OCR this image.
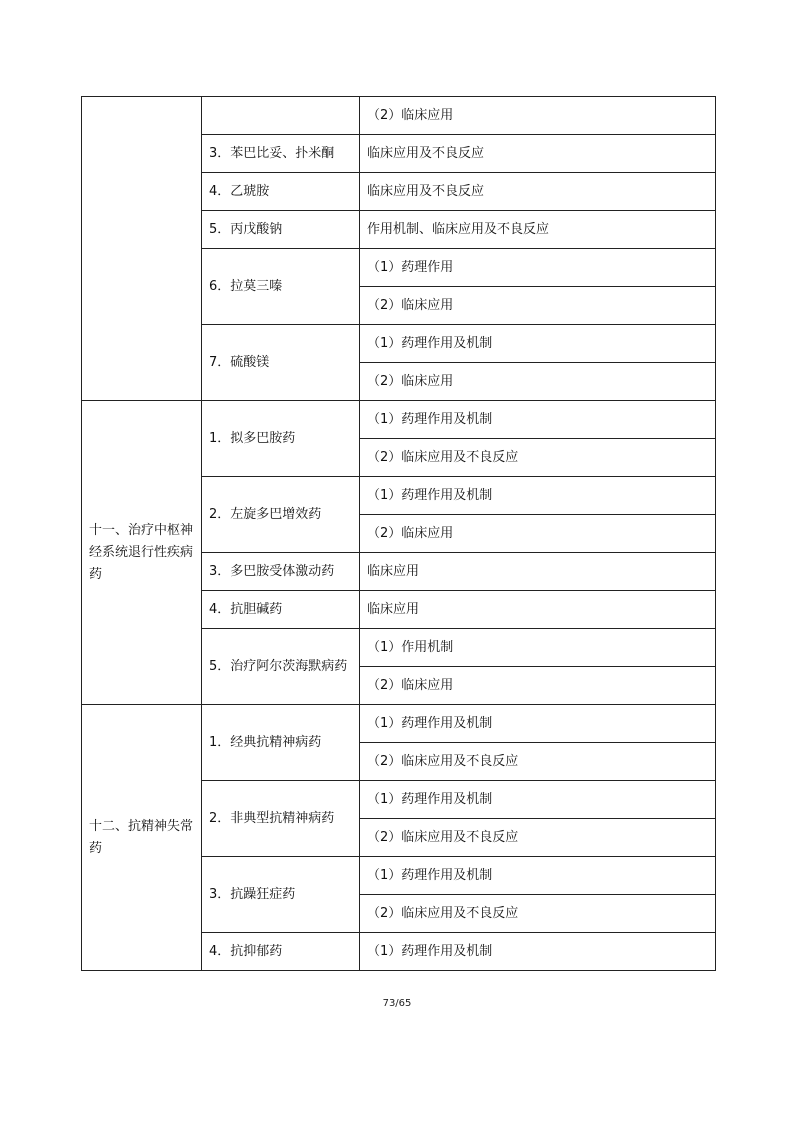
		（2）临床应用
	3．苯巴比妥、扑米酮	临床应用及不良反应
	4．乙琥胺	临床应用及不良反应
	5．丙戊酸钠	作用机制、临床应用及不良反应
	6．拉莫三嗪	（1）药理作用
		（2）临床应用
	7．硫酸镁	（1）药理作用及机制
		（2）临床应用
十一、治疗中枢神经系统退行性疾病药	1．拟多巴胺药	（1）药理作用及机制
		（2）临床应用及不良反应
	2．左旋多巴增效药	（1）药理作用及机制
		（2）临床应用
	3．多巴胺受体激动药	临床应用
	4．抗胆碱药	临床应用
	5．治疗阿尔茨海默病药	（1）作用机制
		（2）临床应用
十二、抗精神失常药	1．经典抗精神病药	（1）药理作用及机制
		（2）临床应用及不良反应
	2．非典型抗精神病药	（1）药理作用及机制
		（2）临床应用及不良反应
	3．抗躁狂症药	（1）药理作用及机制
		（2）临床应用及不良反应
	4．抗抑郁药	（1）药理作用及机制
73/65
